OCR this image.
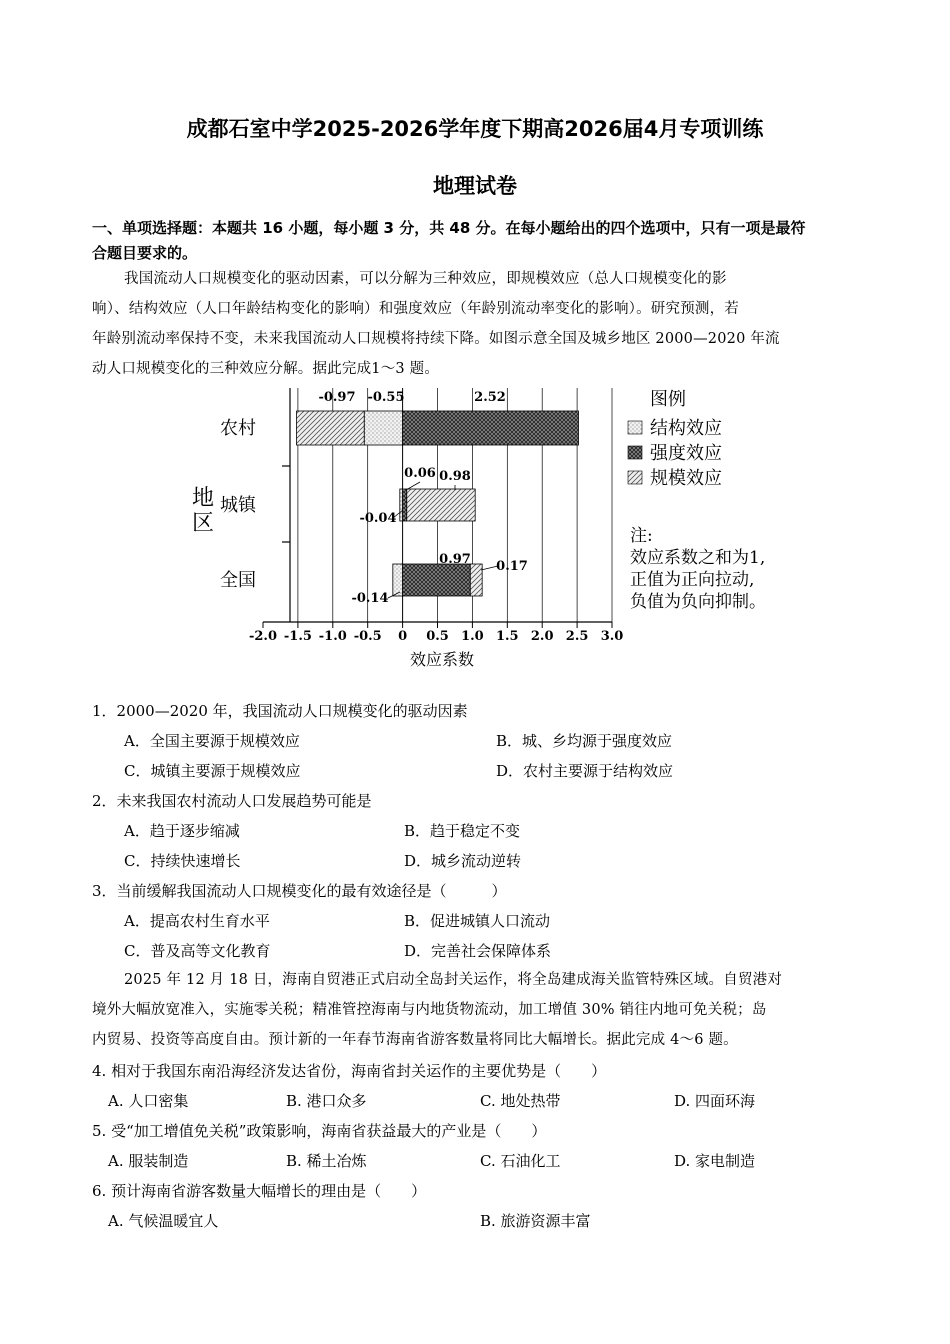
成都石室中学2025-2026学年度下期高2026届4月专项训练
地理试卷
一、单项选择题：本题共 16 小题，每小题 3 分，共 48 分。在每小题给出的四个选项中，只有一项是最符
合题目要求的。
我国流动人口规模变化的驱动因素，可以分解为三种效应，即规模效应（总人口规模变化的影
响）、结构效应（人口年龄结构变化的影响）和强度效应（年龄别流动率变化的影响）。研究预测，若
年龄别流动率保持不变，未来我国流动人口规模将持续下降。如图示意全国及城乡地区 2000—2020 年流
动人口规模变化的三种效应分解。据此完成1～3 题。
-2.0 -1.5 -1.0 -0.5 0 0.5 1.0 1.5 2.0 2.5 3.0
农村
城镇
全国
-0.97 -0.55	2.52
0.06 0.98
-0.04
0.97 0.17
-0.14
地
区
效应系数
图例
结构效应
强度效应
规模效应
注:
效应系数之和为1,
正值为正向拉动,
负值为负向抑制。
1．2000—2020 年，我国流动人口规模变化的驱动因素
A．全国主要源于规模效应	B．城、乡均源于强度效应
C．城镇主要源于规模效应	D．农村主要源于结构效应
2．未来我国农村流动人口发展趋势可能是
A．趋于逐步缩减	B．趋于稳定不变
C．持续快速增长	D．城乡流动逆转
3．当前缓解我国流动人口规模变化的最有效途径是（　　　）
A．提高农村生育水平	B．促进城镇人口流动
C．普及高等文化教育	D．完善社会保障体系
2025 年 12 月 18 日，海南自贸港正式启动全岛封关运作，将全岛建成海关监管特殊区域。自贸港对
境外大幅放宽准入，实施零关税；精准管控海南与内地货物流动，加工增值 30% 销往内地可免关税；岛
内贸易、投资等高度自由。预计新的一年春节海南省游客数量将同比大幅增长。据此完成 4～6 题。
4. 相对于我国东南沿海经济发达省份，海南省封关运作的主要优势是（　　）
A. 人口密集	B. 港口众多	C. 地处热带	D. 四面环海
5. 受“加工增值免关税”政策影响，海南省获益最大的产业是（　　）
A. 服装制造	B. 稀土冶炼	C. 石油化工	D. 家电制造
6. 预计海南省游客数量大幅增长的理由是（　　）
A. 气候温暖宜人	B. 旅游资源丰富
